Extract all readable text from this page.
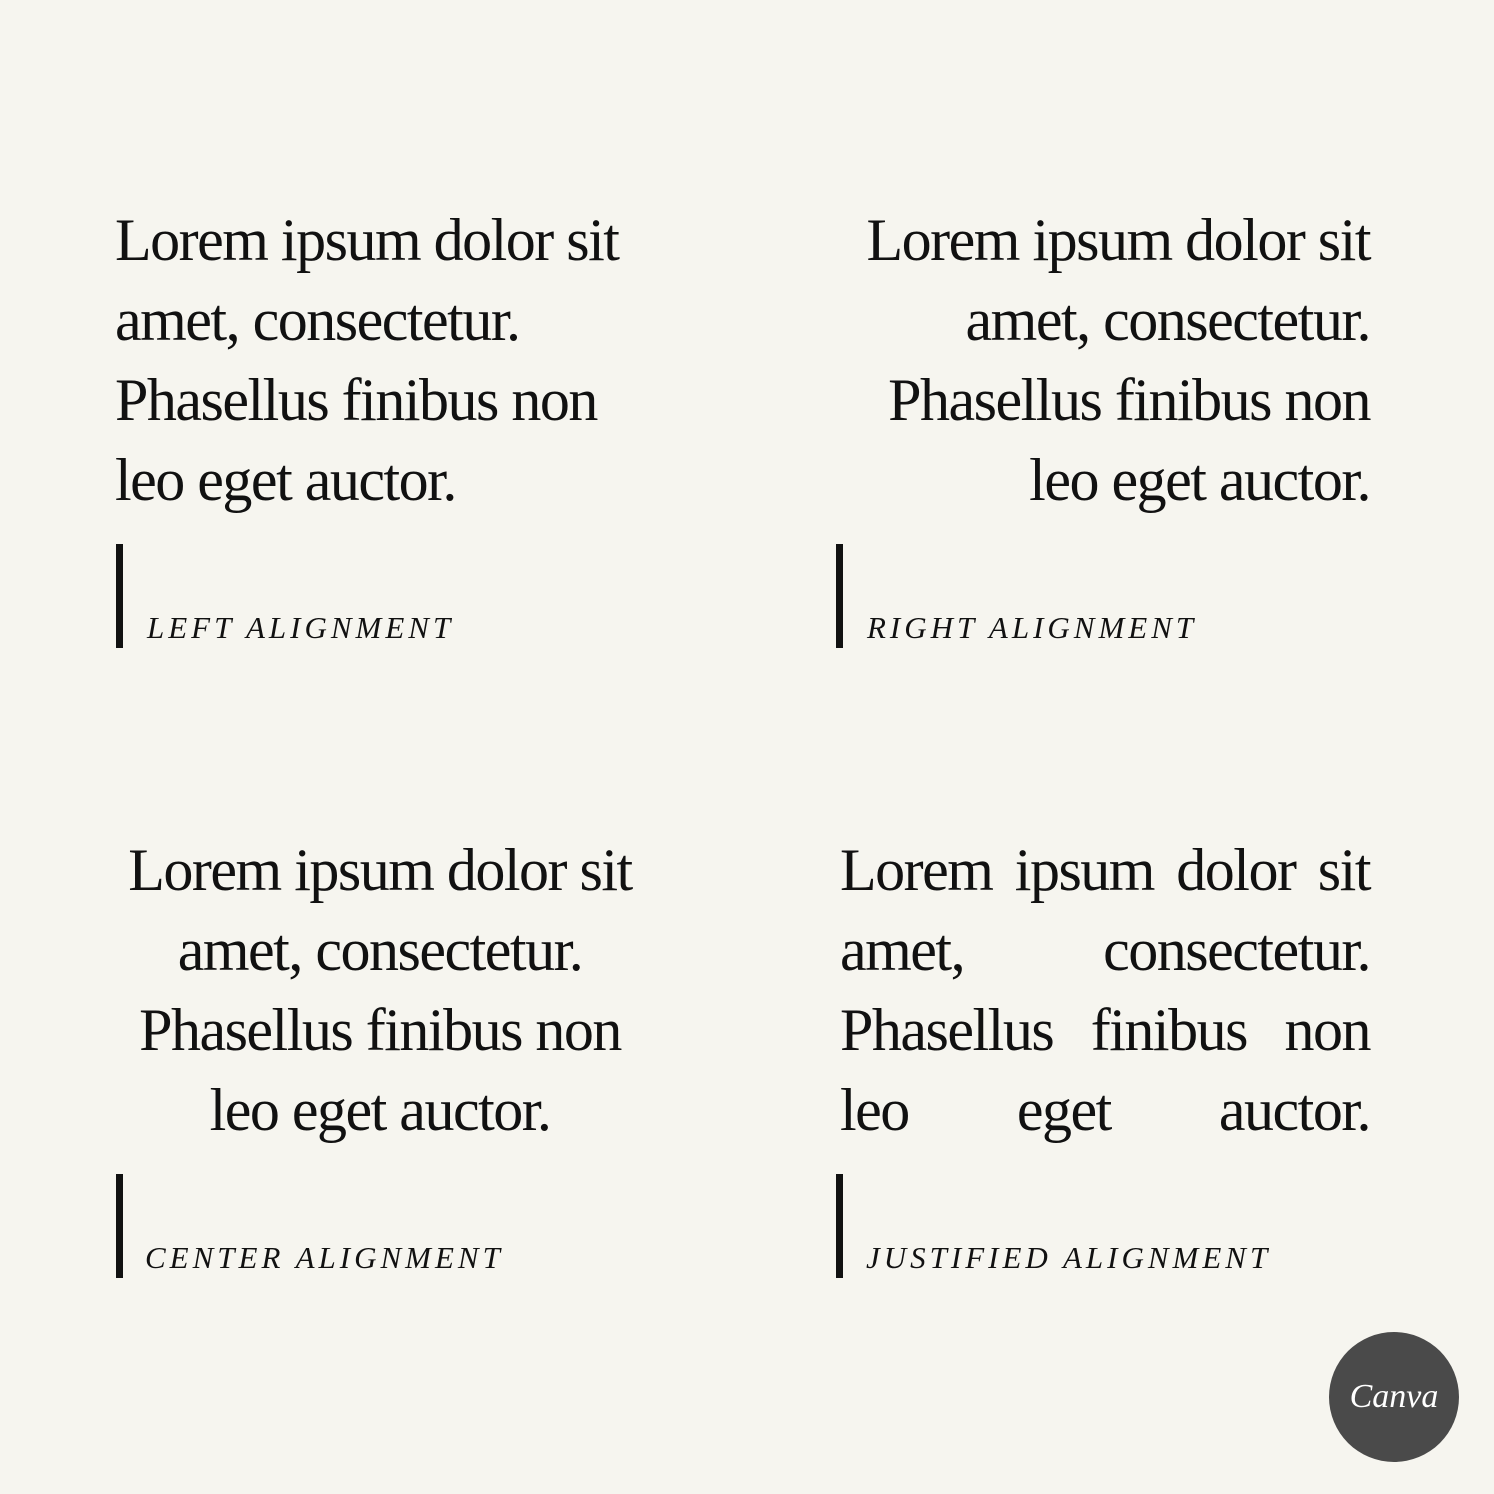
Lorem ipsum dolor sit
amet, consectetur.
Phasellus finibus non
leo eget auctor.
LEFT ALIGNMENT
Lorem ipsum dolor sit
amet, consectetur.
Phasellus finibus non
leo eget auctor.
RIGHT ALIGNMENT
Lorem ipsum dolor sit
amet, consectetur.
Phasellus finibus non
leo eget auctor.
CENTER ALIGNMENT
Lorem ipsum dolor sit
amet, consectetur.
Phasellus finibus non
leo eget auctor.
JUSTIFIED ALIGNMENT
Canva
